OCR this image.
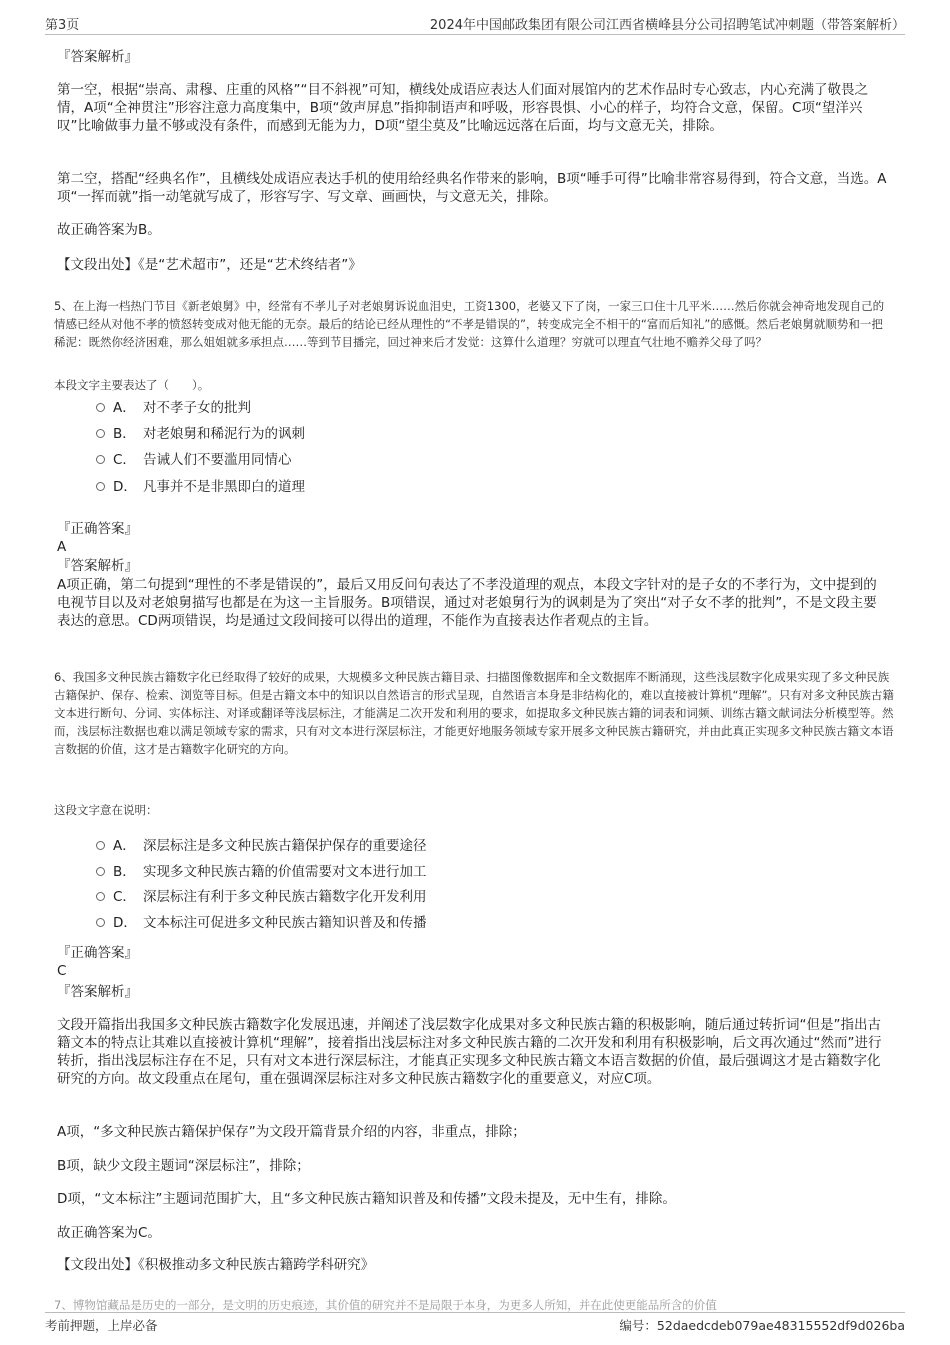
第3页	2024年中国邮政集团有限公司江西省横峰县分公司招聘笔试冲刺题（带答案解析）
『答案解析』
第一空，根据“崇高、肃穆、庄重的风格”“目不斜视”可知，横线处成语应表达人们面对展馆内的艺术作品时专心致志，内心充满了敬畏之情，A项“全神贯注”形容注意力高度集中，B项“敛声屏息”指抑制语声和呼吸，形容畏惧、小心的样子，均符合文意，保留。C项“望洋兴叹”比喻做事力量不够或没有条件，而感到无能为力，D项“望尘莫及”比喻远远落在后面，均与文意无关，排除。
第二空，搭配“经典名作”，且横线处成语应表达手机的使用给经典名作带来的影响，B项“唾手可得”比喻非常容易得到，符合文意，当选。A项“一挥而就”指一动笔就写成了，形容写字、写文章、画画快，与文意无关，排除。
故正确答案为B。
【文段出处】《是“艺术超市”，还是“艺术终结者”》
5、在上海一档热门节目《新老娘舅》中，经常有不孝儿子对老娘舅诉说血泪史，工资1300，老婆又下了岗，一家三口住十几平米……然后你就会神奇地发现自己的情感已经从对他不孝的愤怒转变成对他无能的无奈。最后的结论已经从理性的“不孝是错误的”，转变成完全不相干的“富而后知礼”的感慨。然后老娘舅就顺势和一把稀泥：既然你经济困难，那么姐姐就多承担点……等到节目播完，回过神来后才发觉：这算什么道理？穷就可以理直气壮地不赡养父母了吗？
本段文字主要表达了（　　）。
A． 对不孝子女的批判
B． 对老娘舅和稀泥行为的讽刺
C． 告诫人们不要滥用同情心
D． 凡事并不是非黑即白的道理
『正确答案』
A
『答案解析』
A项正确，第二句提到“理性的不孝是错误的”，最后又用反问句表达了不孝没道理的观点，本段文字针对的是子女的不孝行为，文中提到的电视节目以及对老娘舅描写也都是在为这一主旨服务。B项错误，通过对老娘舅行为的讽刺是为了突出“对子女不孝的批判”，不是文段主要表达的意思。CD两项错误，均是通过文段间接可以得出的道理，不能作为直接表达作者观点的主旨。
6、我国多文种民族古籍数字化已经取得了较好的成果，大规模多文种民族古籍目录、扫描图像数据库和全文数据库不断涌现，这些浅层数字化成果实现了多文种民族古籍保护、保存、检索、浏览等目标。但是古籍文本中的知识以自然语言的形式呈现，自然语言本身是非结构化的，难以直接被计算机“理解”。只有对多文种民族古籍文本进行断句、分词、实体标注、对译或翻译等浅层标注，才能满足二次开发和利用的要求，如提取多文种民族古籍的词表和词频、训练古籍文献词法分析模型等。然而，浅层标注数据也难以满足领域专家的需求，只有对文本进行深层标注，才能更好地服务领域专家开展多文种民族古籍研究，并由此真正实现多文种民族古籍文本语言数据的价值，这才是古籍数字化研究的方向。
这段文字意在说明：
A． 深层标注是多文种民族古籍保护保存的重要途径
B． 实现多文种民族古籍的价值需要对文本进行加工
C． 深层标注有利于多文种民族古籍数字化开发利用
D． 文本标注可促进多文种民族古籍知识普及和传播
『正确答案』
C
『答案解析』
文段开篇指出我国多文种民族古籍数字化发展迅速，并阐述了浅层数字化成果对多文种民族古籍的积极影响，随后通过转折词“但是”指出古籍文本的特点让其难以直接被计算机“理解”，接着指出浅层标注对多文种民族古籍的二次开发和利用有积极影响，后文再次通过“然而”进行转折，指出浅层标注存在不足，只有对文本进行深层标注，才能真正实现多文种民族古籍文本语言数据的价值，最后强调这才是古籍数字化研究的方向。故文段重点在尾句，重在强调深层标注对多文种民族古籍数字化的重要意义，对应C项。
A项，“多文种民族古籍保护保存”为文段开篇背景介绍的内容，非重点，排除；
B项，缺少文段主题词“深层标注”，排除；
D项，“文本标注”主题词范围扩大，且“多文种民族古籍知识普及和传播”文段未提及，无中生有，排除。
故正确答案为C。
【文段出处】《积极推动多文种民族古籍跨学科研究》
7、博物馆藏品是历史的一部分，是文明的历史痕迹，其价值的研究并不是局限于本身，为更多人所知，并在此使更能品所含的价值
考前押题，上岸必备	编号：52daedcdeb079ae48315552df9d026ba
